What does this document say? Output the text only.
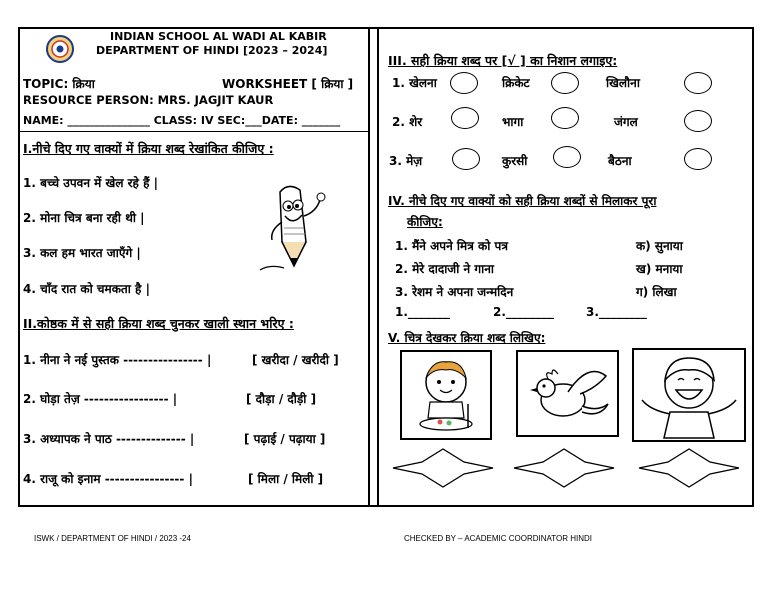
INDIAN SCHOOL AL WADI AL KABIR
DEPARTMENT OF HINDI [2023 – 2024]
TOPIC: क्रिया	WORKSHEET [ क्रिया ]
RESOURCE PERSON: MRS. JAGJIT KAUR
NAME: _______________ CLASS: IV SEC:___DATE: _______
I.नीचे दिए गए वाक्यों में क्रिया शब्द रेखांकित कीजिए :
1. बच्चे उपवन में खेल रहे हैं |
2. मोना चित्र बना रही थी |
3. कल हम भारत जाएँगे |
4. चाँद रात को चमकता है |
II.कोष्ठक में से सही क्रिया शब्द चुनकर खाली स्थान भरिए :
1. नीना ने नई पुस्तक ---------------- |	[ खरीदा / खरीदी ]
2. घोड़ा तेज़ ----------------- |	[ दौड़ा / दौड़ी ]
3. अध्यापक ने पाठ -------------- |	[ पढ़ाई / पढ़ाया ]
4. राजू को इनाम ---------------- |	[ मिला / मिली ]
III. सही क्रिया शब्द पर [√ ] का निशान लगाइए:
1. खेलना	क्रिकेट	खिलौना
2. शेर	भागा	जंगल
3. मेज़	कुरसी	बैठना
IV. नीचे दिए गए वाक्यों को सही क्रिया शब्दों से मिलाकर पूरा
कीजिए:
1. मैंने अपने मित्र को पत्र	क) सुनाया
2. मेरे दादाजी ने गाना	ख) मनाया
3. रेशम ने अपना जन्मदिन	ग) लिखा
1._______	2.________	3.________
V. चित्र देखकर क्रिया शब्द लिखिए:
ISWK / DEPARTMENT OF HINDI / 2023 -24	CHECKED BY – ACADEMIC COORDINATOR HINDI
